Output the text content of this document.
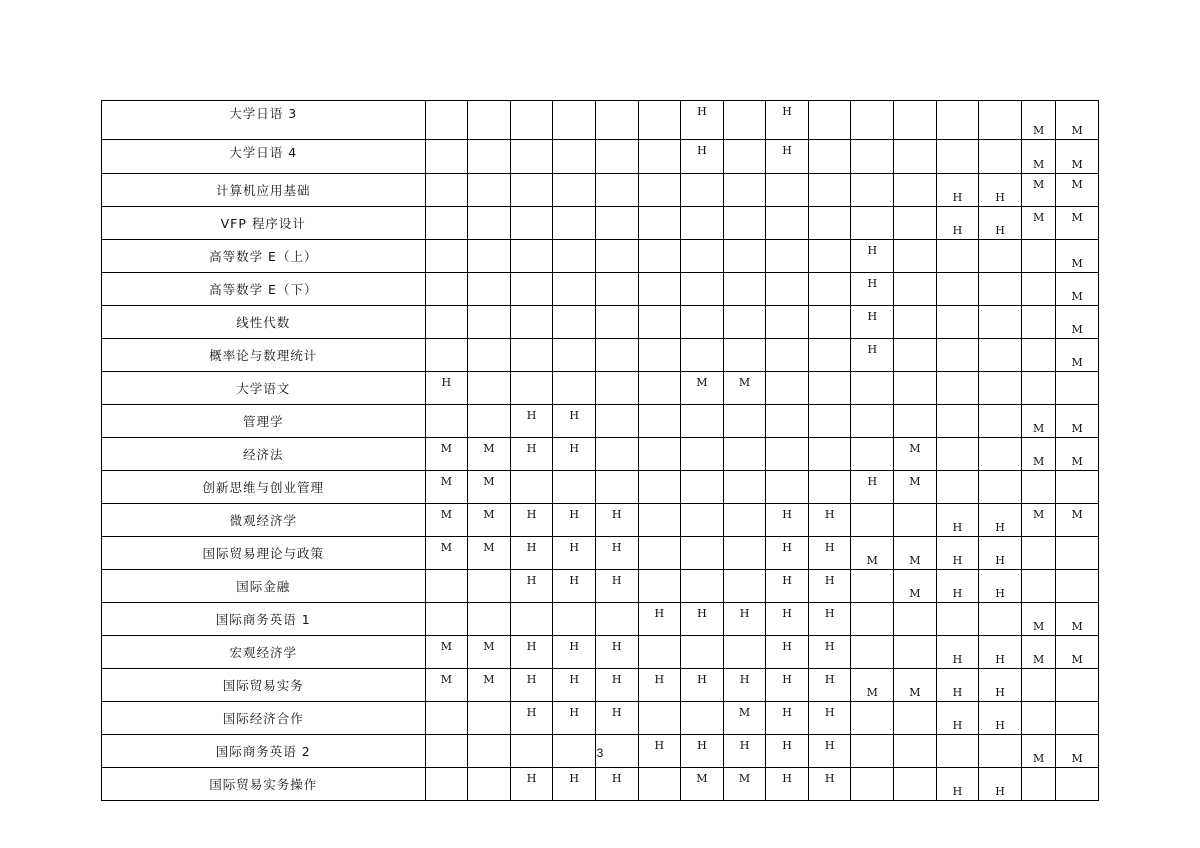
大学日语 3							H		H						M	M
大学日语 4							H		H						M	M
计算机应用基础													H	H	M	M
VFP 程序设计													H	H	M	M
高等数学 E（上）											H					M
高等数学 E（下）											H					M
线性代数											H					M
概率论与数理统计											H					M
大学语文	H						M	M								
管理学			H	H											M	M
经济法	M	M	H	H								M			M	M
创新思维与创业管理	M	M									H	M				
微观经济学	M	M	H	H	H				H	H			H	H	M	M
国际贸易理论与政策	M	M	H	H	H				H	H	M	M	H	H		
国际金融			H	H	H				H	H		M	H	H		
国际商务英语 1						H	H	H	H	H					M	M
宏观经济学	M	M	H	H	H				H	H			H	H	M	M
国际贸易实务	M	M	H	H	H	H	H	H	H	H	M	M	H	H		
国际经济合作			H	H	H			M	H	H			H	H		
国际商务英语 2						H	H	H	H	H					M	M
国际贸易实务操作			H	H	H		M	M	H	H			H	H		
3
